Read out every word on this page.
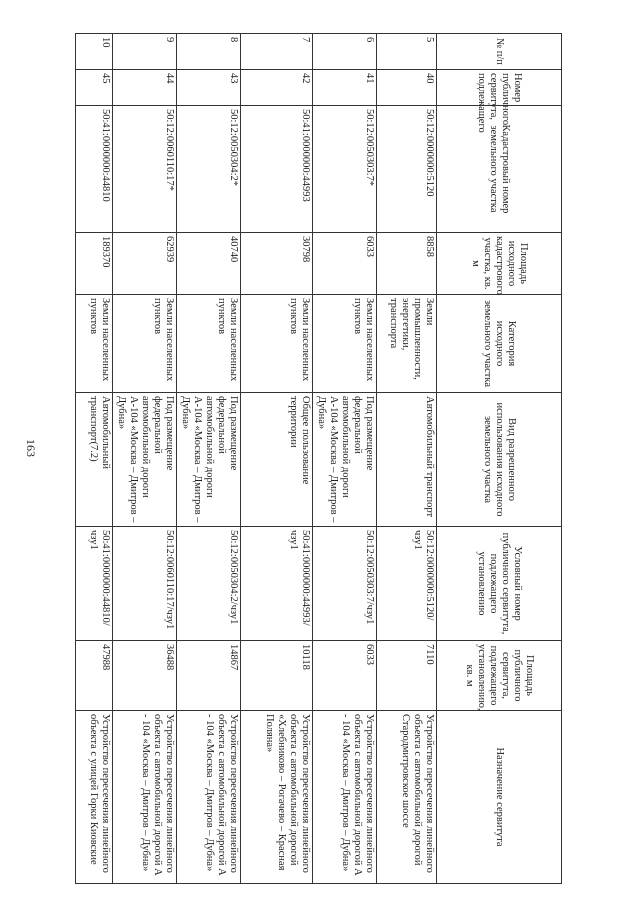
163
№ п/п	Номер публичного сервитута, подлежащего	Кадастровый номер земельного участка	Площадь исходного кадастрового участка, кв. м	Категория исходного земельного участка	Вид разрешенного использования исходного земельного участка	Условный номер публичного сервитута, подлежащего установлению	Площадь публичного сервитута, подлежащего установлению, кв. м	Назначение сервитута
5	40	50:12:0000000:5120	8858	Земли промышленности, энергетики, транспорта	Автомобильный транспорт	50:12:0000000:5120/чзу1	7110	Устройство пересечения линейного объекта с автомобильной дорогой Стародмитровское шоссе
6	41	50:12:0050303:7*	6033	Земли населенных пунктов	Под размещение федеральной автомобильной дороги А-104 «Москва – Дмитров – Дубна»	50:12:0050303:7/чзу1	6033	Устройство пересечения линейного объекта с автомобильной дорогой А - 104 «Москва – Дмитров – Дубна»
7	42	50:41:0000000:44993	30798	Земли населенных пунктов	Общее пользование территории	50:41:0000000:44993/чзу1	10118	Устройство пересечения линейного объекта с автомобильной дорогой «Хлебниково – Рогачево – Красная Поляна»
8	43	50:12:0050304:2*	40740	Земли населенных пунктов	Под размещение федеральной автомобильной дороги А-104 «Москва – Дмитров – Дубна»	50:12:0050304:2/чзу1	14867	Устройство пересечения линейного объекта с автомобильной дорогой А - 104 «Москва – Дмитров – Дубна»
9	44	50:12:0060110:17*	62939	Земли населенных пунктов	Под размещение федеральной автомобильной дороги А-104 «Москва – Дмитров – Дубна»	50:12:0060110:17/чзу1	36488	Устройство пересечения линейного объекта с автомобильной дорогой А - 104 «Москва – Дмитров – Дубна»
10	45	50:41:0000000:44810	189370	Земли населенных пунктов	Автомобильный транспорт(7.2)	50:41:0000000:44810/чзу1	47988	Устройство пересечения линейного объекта с улицей Горки Киовские
